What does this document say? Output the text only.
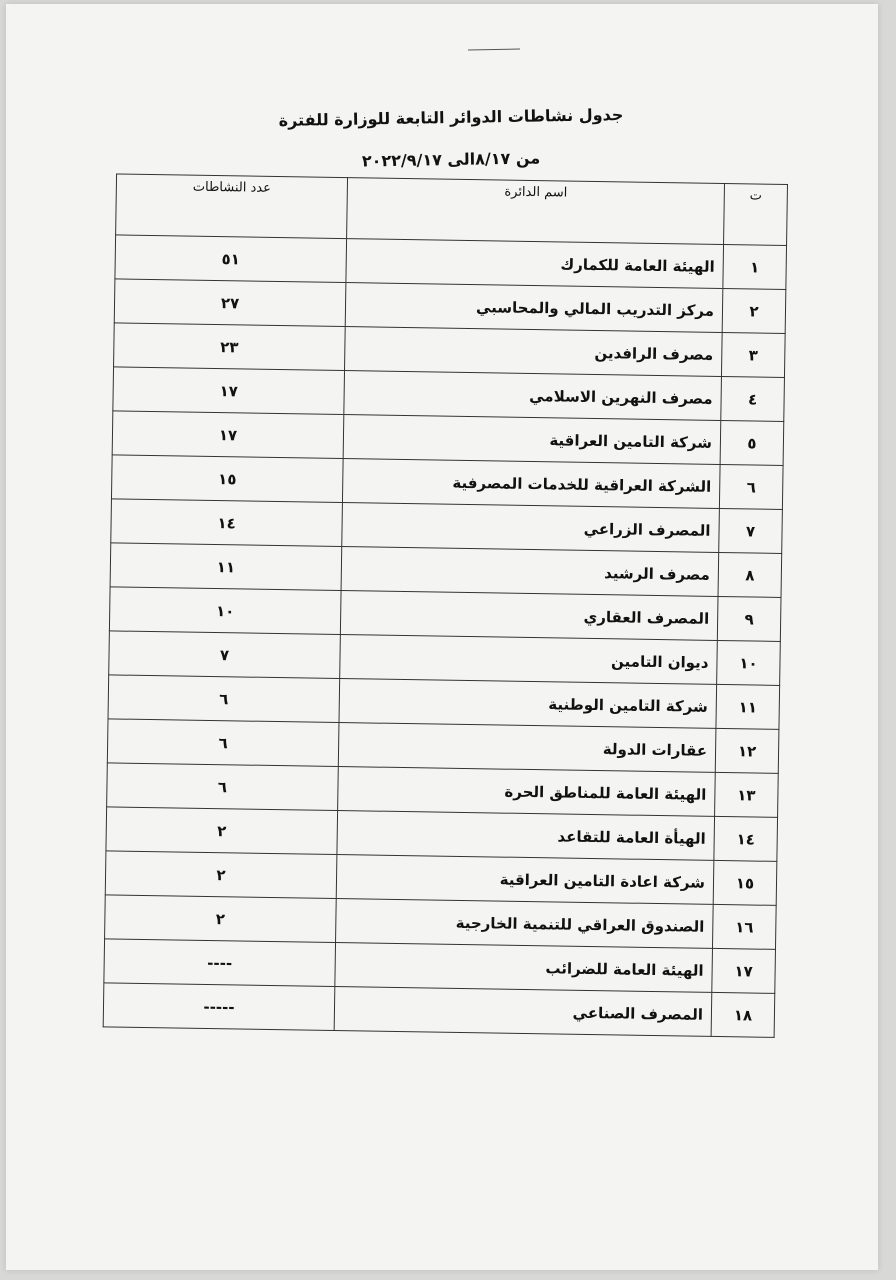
جدول نشاطات الدوائر التابعة للوزارة للفترة
من ٨/١٧الى ٢٠٢٢/٩/١٧
ت	اسم الدائرة	عدد النشاطات
١	الهيئة العامة للكمارك	٥١
٢	مركز التدريب المالي والمحاسبي	٢٧
٣	مصرف الرافدين	٢٣
٤	مصرف النهرين الاسلامي	١٧
٥	شركة التامين العراقية	١٧
٦	الشركة العراقية للخدمات المصرفية	١٥
٧	المصرف الزراعي	١٤
٨	مصرف الرشيد	١١
٩	المصرف العقاري	١٠
١٠	ديوان التامين	٧
١١	شركة التامين الوطنية	٦
١٢	عقارات الدولة	٦
١٣	الهيئة العامة للمناطق الحرة	٦
١٤	الهيأة العامة للتقاعد	٢
١٥	شركة اعادة التامين العراقية	٢
١٦	الصندوق العراقي للتنمية الخارجية	٢
١٧	الهيئة العامة للضرائب	----
١٨	المصرف الصناعي	-----
